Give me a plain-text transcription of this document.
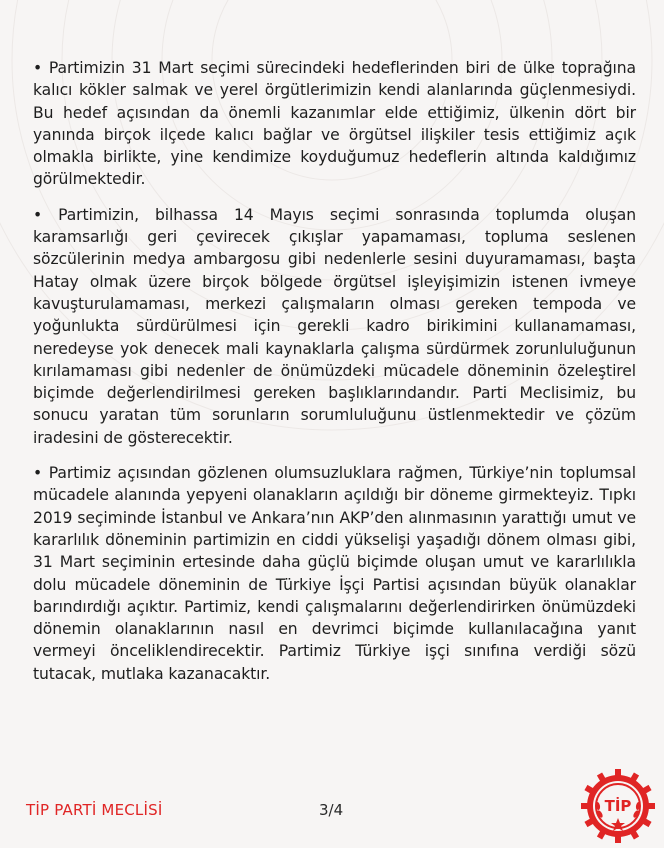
• Partimizin 31 Mart seçimi sürecindeki hedeflerinden biri de ülke toprağına kalıcı kökler salmak ve yerel örgütlerimizin kendi alanlarında güçlenmesiydi. Bu hedef açısından da önemli kazanımlar elde ettiğimiz, ülkenin dört bir yanında birçok ilçede kalıcı bağlar ve örgütsel ilişkiler tesis ettiğimiz açık olmakla birlikte, yine kendimize koyduğumuz hedeflerin altında kaldığımız görülmektedir.

• Partimizin, bilhassa 14 Mayıs seçimi sonrasında toplumda oluşan karamsarlığı geri çevirecek çıkışlar yapamaması, topluma seslenen sözcülerinin medya ambargosu gibi nedenlerle sesini duyuramaması, başta Hatay olmak üzere birçok bölgede örgütsel işleyişimizin istenen ivmeye kavuşturulamaması, merkezi çalışmaların olması gereken tempoda ve yoğunlukta sürdürülmesi için gerekli kadro birikimini kullanamaması, neredeyse yok denecek mali kaynaklarla çalışma sürdürmek zorunluluğunun kırılamaması gibi nedenler de önümüzdeki mücadele döneminin özeleştirel biçimde değerlendirilmesi gereken başlıklarındandır. Parti Meclisimiz, bu sonucu yaratan tüm sorunların sorumluluğunu üstlenmektedir ve çözüm iradesini de gösterecektir.

• Partimiz açısından gözlenen olumsuzluklara rağmen, Türkiye’nin toplumsal mücadele alanında yepyeni olanakların açıldığı bir döneme girmekteyiz. Tıpkı 2019 seçiminde İstanbul ve Ankara’nın AKP’den alınmasının yarattığı umut ve kararlılık döneminin partimizin en ciddi yükselişi yaşadığı dönem olması gibi, 31 Mart seçiminin ertesinde daha güçlü biçimde oluşan umut ve kararlılıkla dolu mücadele döneminin de Türkiye İşçi Partisi açısından büyük olanaklar barındırdığı açıktır. Partimiz, kendi çalışmalarını değerlendirirken önümüzdeki dönemin olanaklarının nasıl en devrimci biçimde kullanılacağına yanıt vermeyi önceliklendirecektir. Partimiz Türkiye işçi sınıfına verdiği sözü tutacak, mutlaka kazanacaktır.

TİP PARTİ MECLİSİ	3/4	TİP
